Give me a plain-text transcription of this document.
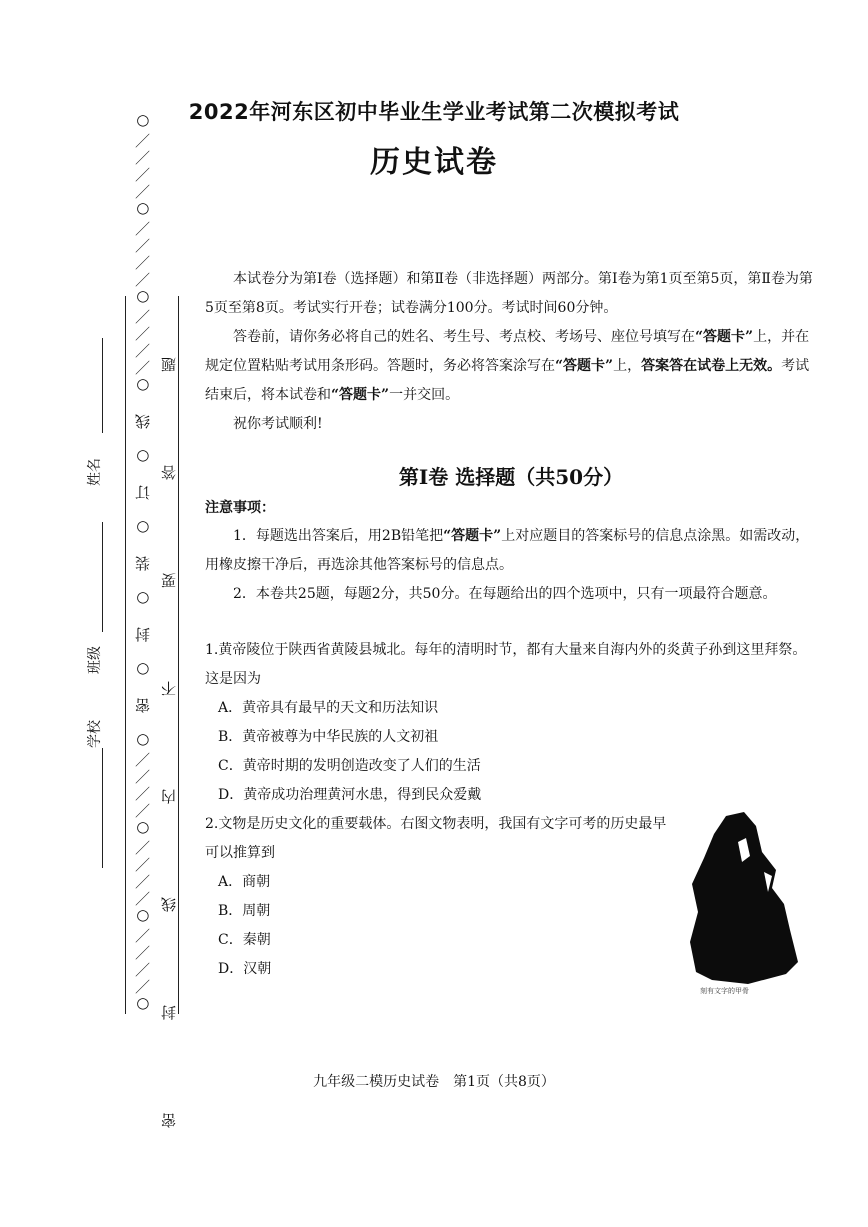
2022年河东区初中毕业生学业考试第二次模拟考试
历史试卷
○／／／／○／／／／○／／／／○　密　○　封　○　装　○　订　○　线　○／／／／○／／／／○／／／／○ 密　封　线　内　不　要　答　题
姓名
班级
学校
本试卷分为第Ⅰ卷（选择题）和第Ⅱ卷（非选择题）两部分。第Ⅰ卷为第1页至第5页，第Ⅱ卷为第5页至第8页。考试实行开卷；试卷满分100分。考试时间60分钟。
答卷前，请你务必将自己的姓名、考生号、考点校、考场号、座位号填写在“答题卡”上，并在规定位置粘贴考试用条形码。答题时，务必将答案涂写在“答题卡”上，答案答在试卷上无效。考试结束后，将本试卷和“答题卡”一并交回。
祝你考试顺利!
第Ⅰ卷 选择题（共50分）
注意事项：
1．每题选出答案后，用2B铅笔把“答题卡”上对应题目的答案标号的信息点涂黑。如需改动，用橡皮擦干净后，再选涂其他答案标号的信息点。
2．本卷共25题，每题2分，共50分。在每题给出的四个选项中，只有一项最符合题意。
1.黄帝陵位于陕西省黄陵县城北。每年的清明时节，都有大量来自海内外的炎黄子孙到这里拜祭。这是因为
A．黄帝具有最早的天文和历法知识
B．黄帝被尊为中华民族的人文初祖
C．黄帝时期的发明创造改变了人们的生活
D．黄帝成功治理黄河水患，得到民众爱戴
2.文物是历史文化的重要载体。右图文物表明，我国有文字可考的历史最早可以推算到
A．商朝
B．周朝
C．秦朝
D．汉朝
刻有文字的甲骨
九年级二模历史试卷　第1页（共8页）
